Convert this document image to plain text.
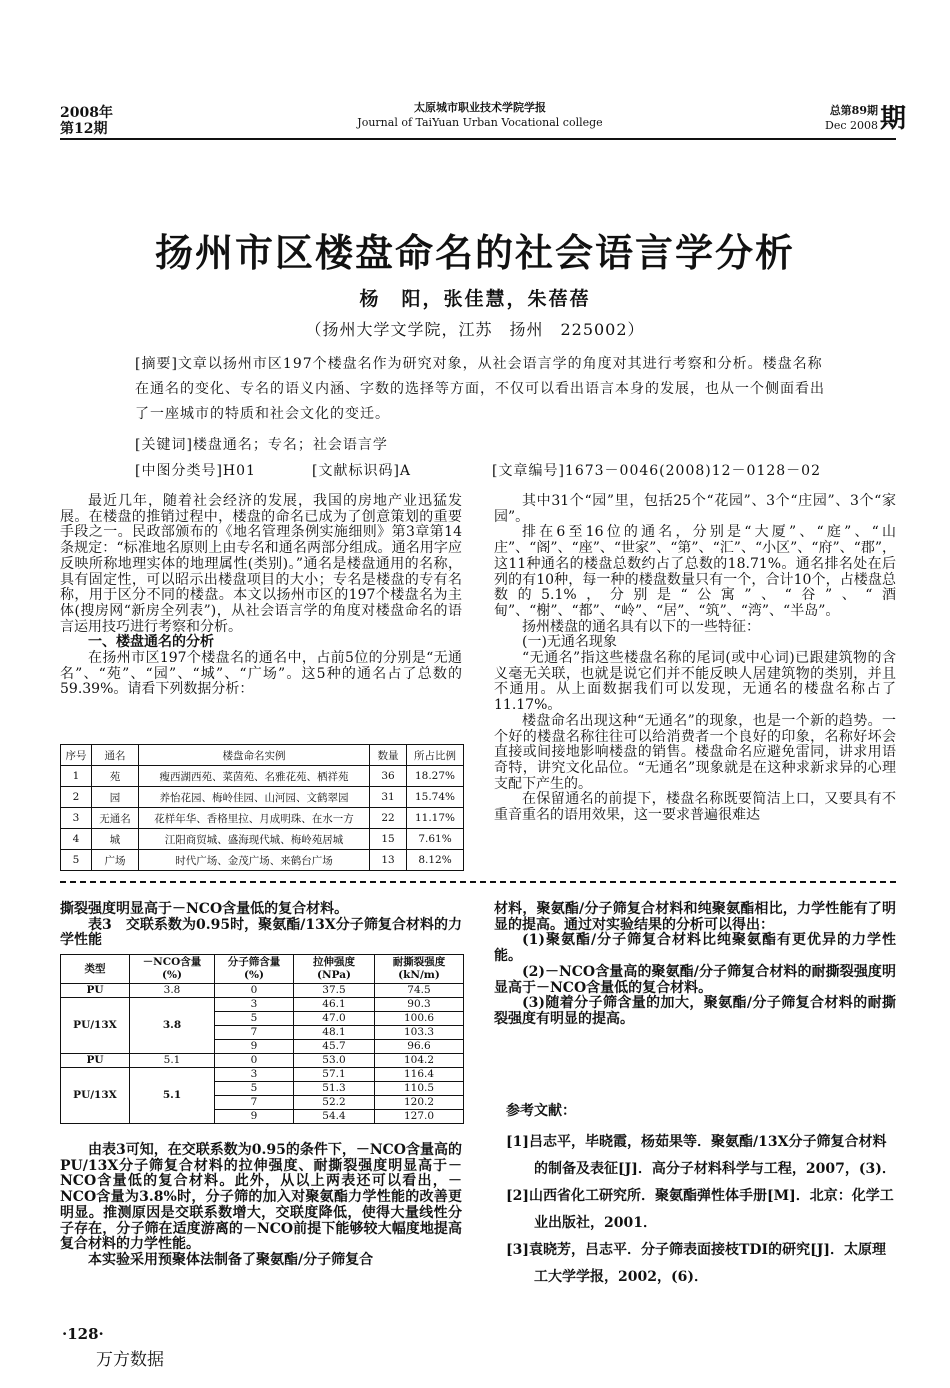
2008年
第12期
太原城市职业技术学院学报
Journal of TaiYuan Urban Vocational college
总第89期
Dec 2008 期
扬州市区楼盘命名的社会语言学分析
杨　阳，张佳慧，朱蓓蓓
（扬州大学文学院，江苏　扬州　225002）
[摘要]文章以扬州市区197个楼盘名作为研究对象，从社会语言学的角度对其进行考察和分析。楼盘名称在通名的变化、专名的语义内涵、字数的选择等方面，不仅可以看出语言本身的发展，也从一个侧面看出了一座城市的特质和社会文化的变迁。
[关键词]楼盘通名；专名；社会语言学
[中图分类号]H01	[文献标识码]A	[文章编号]1673－0046(2008)12－0128－02

最近几年，随着社会经济的发展，我国的房地产业迅猛发展。在楼盘的推销过程中，楼盘的命名已成为了创意策划的重要手段之一。民政部颁布的《地名管理条例实施细则》第3章第14条规定：“标准地名原则上由专名和通名两部分组成。通名用字应反映所称地理实体的地理属性(类别)。”通名是楼盘通用的名称，具有固定性，可以昭示出楼盘项目的大小；专名是楼盘的专有名称，用于区分不同的楼盘。本文以扬州市区的197个楼盘名为主体(搜房网“新房全列表”)，从社会语言学的角度对楼盘命名的语言运用技巧进行考察和分析。

一、楼盘通名的分析

在扬州市区197个楼盘名的通名中，占前5位的分别是“无通名”、“苑”、“园”、“城”、“广场”。这5种的通名占了总数的59.39%。请看下列数据分析：

序号	通名	楼盘命名实例	数量	所占比例
1	苑	瘦西湖西苑、菜茵苑、名雅花苑、栖祥苑	36	18.27%
2	园	养怡花园、梅岭佳园、山河园、文鹤翠园	31	15.74%
3	无通名	花样年华、香格里拉、月成明珠、在水一方	22	11.17%
4	城	江阳商贸城、盛海现代城、梅岭苑居城	15	7.61%
5	广场	时代广场、金茂广场、来鹤台广场	13	8.12%

其中31个“园”里，包括25个“花园”、3个“庄园”、3个“家园”。

排在6至16位的通名，分别是“大厦”、“庭”、“山庄”、“阁”、“座”、“世家”、“第”、“汇”、“小区”、“府”、“郡”，这11种通名的楼盘总数约占了总数的18.71%。通名排名处在后列的有10种，每一种的楼盘数量只有一个，合计10个，占楼盘总数的5.1%，分别是“公寓”、“谷”、“酒甸”、“榭”、“都”、“岭”、“居”、“筑”、“湾”、“半岛”。

扬州楼盘的通名具有以下的一些特征：

(一)无通名现象

“无通名”指这些楼盘名称的尾词(或中心词)已跟建筑物的含义毫无关联，也就是说它们并不能反映人居建筑物的类别，并且不通用。从上面数据我们可以发现，无通名的楼盘名称占了11.17%。

楼盘命名出现这种“无通名”的现象，也是一个新的趋势。一个好的楼盘名称往往可以给消费者一个良好的印象，名称好坏会直接或间接地影响楼盘的销售。楼盘命名应避免雷同，讲求用语奇特，讲究文化品位。“无通名”现象就是在这种求新求异的心理支配下产生的。

在保留通名的前提下，楼盘名称既要简洁上口，又要具有不重音重名的语用效果，这一要求普遍很难达

撕裂强度明显高于－NCO含量低的复合材料。

表3　交联系数为0.95时，聚氨酯/13X分子筛复合材料的力学性能

类型	－NCO含量(%)	分子筛含量(%)	拉伸强度(NPa)	耐撕裂强度(kN/m)
PU	3.8	0	37.5	74.5
PU/13X	3.8	3	46.1	90.3
		5	47.0	100.6
		7	48.1	103.3
		9	45.7	96.6
PU	5.1	0	53.0	104.2
PU/13X	5.1	3	57.1	116.4
		5	51.3	110.5
		7	52.2	120.2
		9	54.4	127.0

由表3可知，在交联系数为0.95的条件下，－NCO含量高的PU/13X分子筛复合材料的拉伸强度、耐撕裂强度明显高于－NCO含量低的复合材料。此外，从以上两表还可以看出，－NCO含量为3.8%时，分子筛的加入对聚氨酯力学性能的改善更明显。推测原因是交联系数增大，交联度降低，使得大量线性分子存在，分子筛在适度游离的－NCO前提下能够较大幅度地提高复合材料的力学性能。

本实验采用预聚体法制备了聚氨酯/分子筛复合

材料，聚氨酯/分子筛复合材料和纯聚氨酯相比，力学性能有了明显的提高。通过对实验结果的分析可以得出：

(1)聚氨酯/分子筛复合材料比纯聚氨酯有更优异的力学性能。

(2)－NCO含量高的聚氨酯/分子筛复合材料的耐撕裂强度明显高于－NCO含量低的复合材料。

(3)随着分子筛含量的加大，聚氨酯/分子筛复合材料的耐撕裂强度有明显的提高。

参考文献：
[1]吕志平，毕晓霞，杨茹果等．聚氨酯/13X分子筛复合材料的制备及表征[J]．高分子材料科学与工程，2007，(3)．
[2]山西省化工研究所．聚氨酯弹性体手册[M]．北京：化学工业出版社，2001．
[3]袁晓芳，吕志平．分子筛表面接枝TDI的研究[J]．太原理工大学学报，2002，(6)．
·128·
万方数据
